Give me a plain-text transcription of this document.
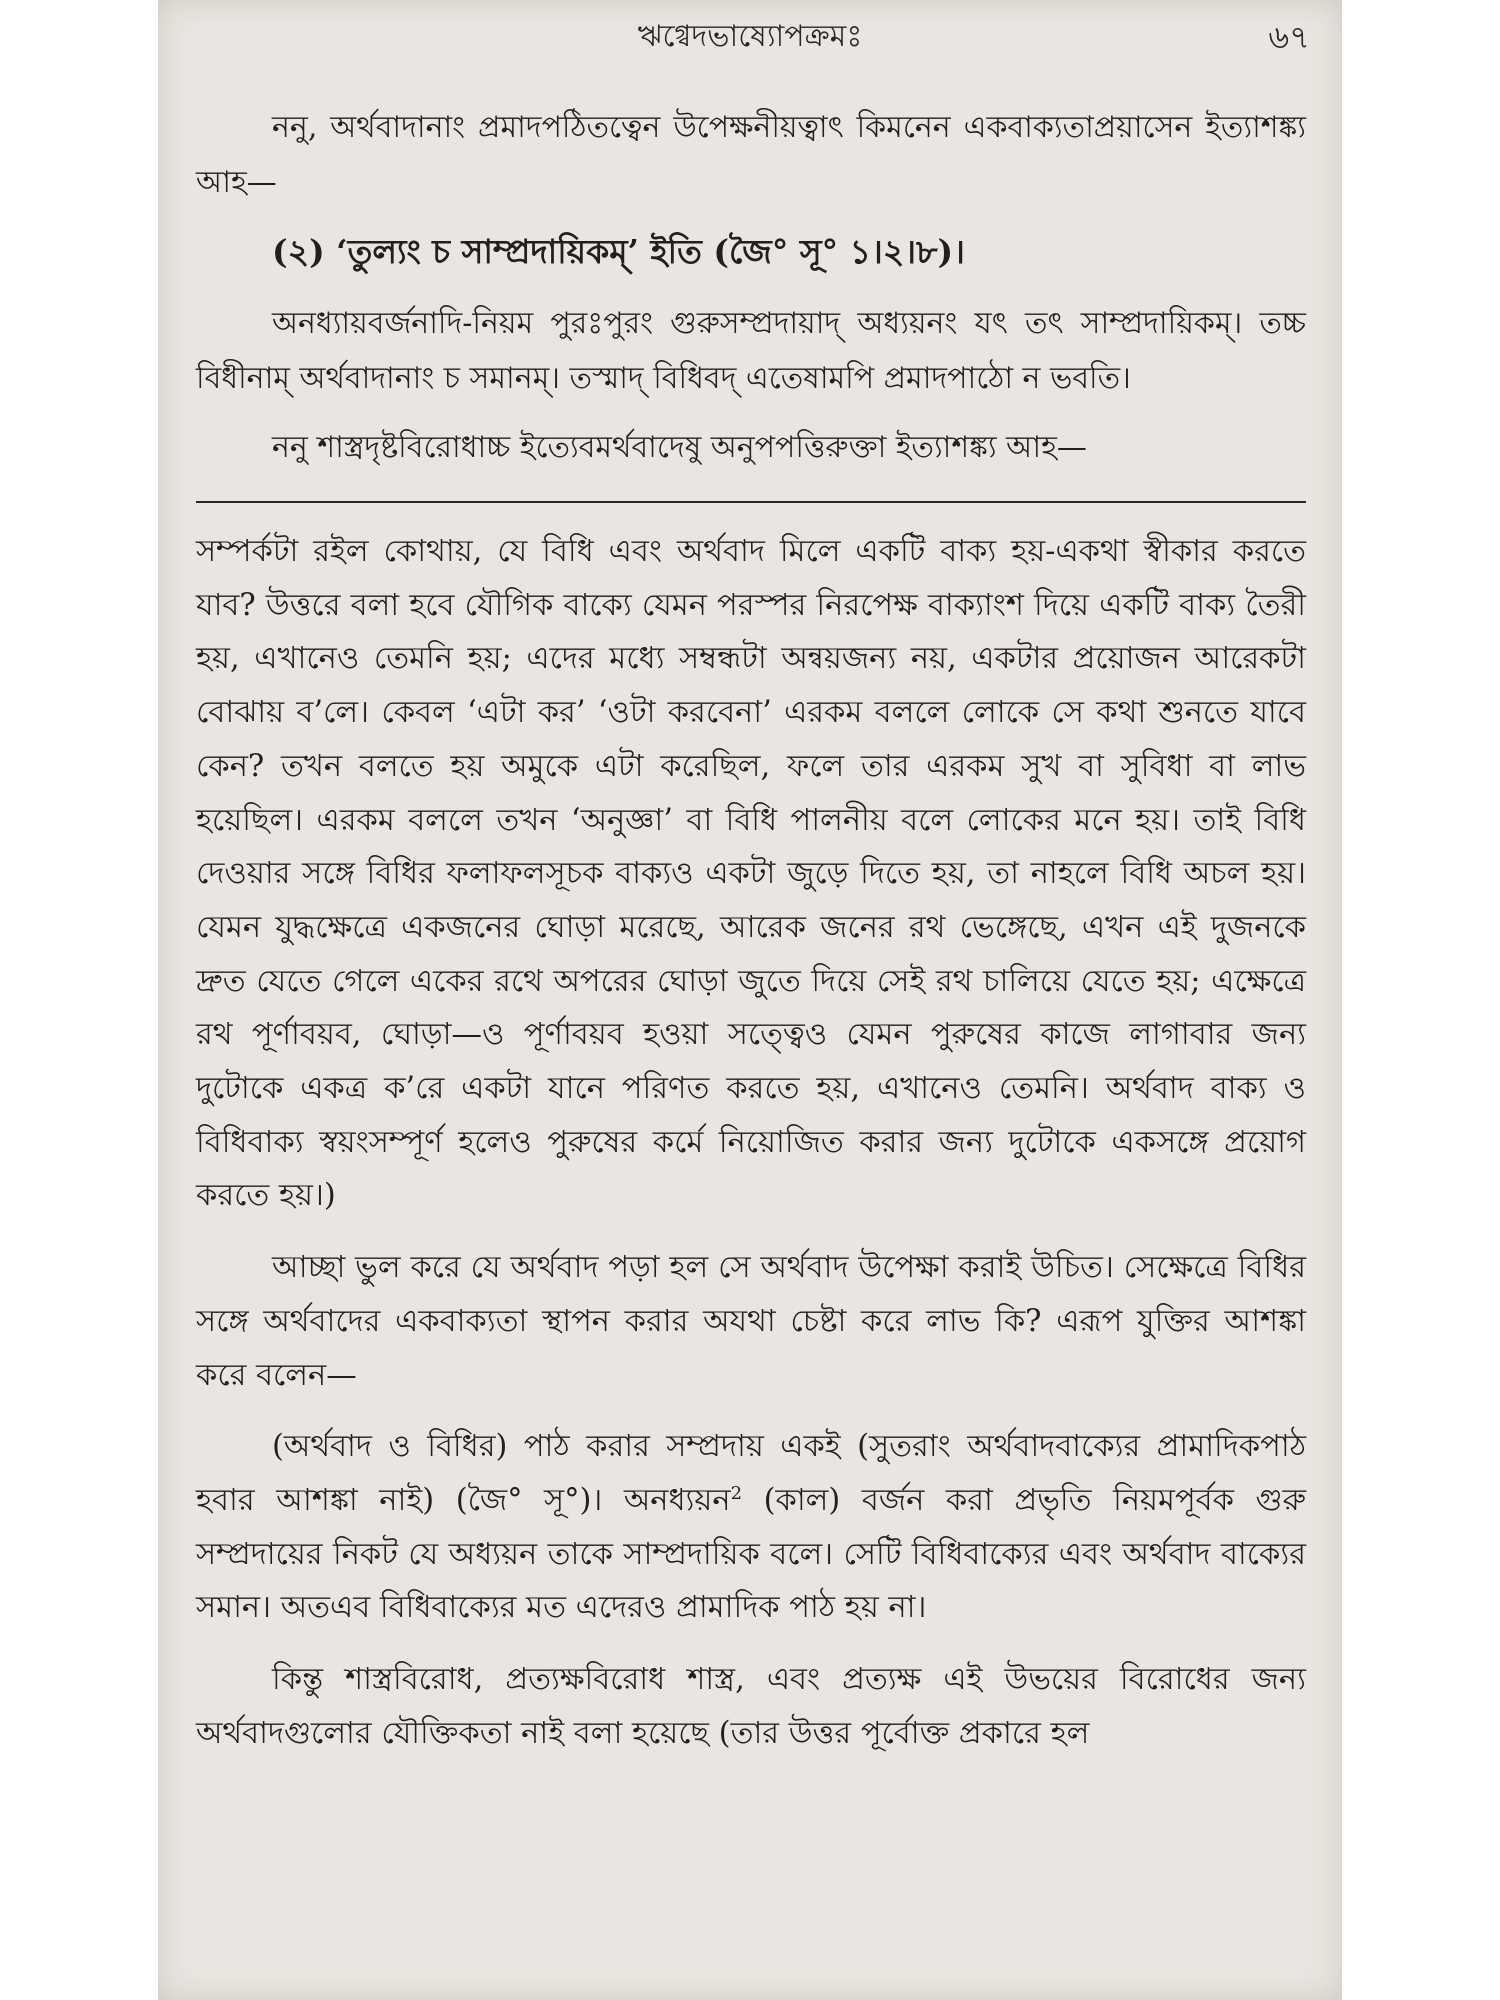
ঋগ্বেদভাষ্যোপক্রমঃ	৬৭

ননু, অর্থবাদানাং প্রমাদপঠিতত্বেন উপেক্ষনীয়ত্বাৎ কিমনেন একবাক্যতাপ্রয়াসেন ইত্যাশঙ্ক্য আহ—

(২) ‘তুল্যং চ সাম্প্রদায়িকম্’ ইতি (জৈ° সূ° ১।২।৮)।

অনধ্যায়বর্জনাদি-নিয়ম পুরঃপুরং গুরুসম্প্রদায়াদ্ অধ্যয়নং যৎ তৎ সাম্প্রদায়িকম্। তচ্চ বিধীনাম্ অর্থবাদানাং চ সমানম্। তস্মাদ্ বিধিবদ্ এতেষামপি প্রমাদপাঠো ন ভবতি।

ননু শাস্ত্রদৃষ্টবিরোধাচ্চ ইত্যেবমর্থবাদেষু অনুপপত্তিরুক্তা ইত্যাশঙ্ক্য আহ—

সম্পর্কটা রইল কোথায়, যে বিধি এবং অর্থবাদ মিলে একটি বাক্য হয়-একথা স্বীকার করতে যাব? উত্তরে বলা হবে যৌগিক বাক্যে যেমন পরস্পর নিরপেক্ষ বাক্যাংশ দিয়ে একটি বাক্য তৈরী হয়, এখানেও তেমনি হয়; এদের মধ্যে সম্বন্ধটা অন্বয়জন্য নয়, একটার প্রয়োজন আরেকটা বোঝায় ব’লে। কেবল ‘এটা কর’ ‘ওটা করবেনা’ এরকম বললে লোকে সে কথা শুনতে যাবে কেন? তখন বলতে হয় অমুকে এটা করেছিল, ফলে তার এরকম সুখ বা সুবিধা বা লাভ হয়েছিল। এরকম বললে তখন ‘অনুজ্ঞা’ বা বিধি পালনীয় বলে লোকের মনে হয়। তাই বিধি দেওয়ার সঙ্গে বিধির ফলাফলসূচক বাক্যও একটা জুড়ে দিতে হয়, তা নাহলে বিধি অচল হয়। যেমন যুদ্ধক্ষেত্রে একজনের ঘোড়া মরেছে, আরেক জনের রথ ভেঙ্গেছে, এখন এই দুজনকে দ্রুত যেতে গেলে একের রথে অপরের ঘোড়া জুতে দিয়ে সেই রথ চালিয়ে যেতে হয়; এক্ষেত্রে রথ পূর্ণাবয়ব, ঘোড়া—ও পূর্ণাবয়ব হওয়া সত্ত্বেও যেমন পুরুষের কাজে লাগাবার জন্য দুটোকে একত্র ক’রে একটা যানে পরিণত করতে হয়, এখানেও তেমনি। অর্থবাদ বাক্য ও বিধিবাক্য স্বয়ংসম্পূর্ণ হলেও পুরুষের কর্মে নিয়োজিত করার জন্য দুটোকে একসঙ্গে প্রয়োগ করতে হয়।)

আচ্ছা ভুল করে যে অর্থবাদ পড়া হল সে অর্থবাদ উপেক্ষা করাই উচিত। সেক্ষেত্রে বিধির সঙ্গে অর্থবাদের একবাক্যতা স্থাপন করার অযথা চেষ্টা করে লাভ কি? এরূপ যুক্তির আশঙ্কা করে বলেন—

(অর্থবাদ ও বিধির) পাঠ করার সম্প্রদায় একই (সুতরাং অর্থবাদবাক্যের প্রামাদিকপাঠ হবার আশঙ্কা নাই) (জৈ° সূ°)। অনধ্যয়ন$^2$ (কাল) বর্জন করা প্রভৃতি নিয়মপূর্বক গুরু সম্প্রদায়ের নিকট যে অধ্যয়ন তাকে সাম্প্রদায়িক বলে। সেটি বিধিবাক্যের এবং অর্থবাদ বাক্যের সমান। অতএব বিধিবাক্যের মত এদেরও প্রামাদিক পাঠ হয় না।

কিন্তু শাস্ত্রবিরোধ, প্রত্যক্ষবিরোধ শাস্ত্র, এবং প্রত্যক্ষ এই উভয়ের বিরোধের জন্য অর্থবাদগুলোর যৌক্তিকতা নাই বলা হয়েছে (তার উত্তর পূর্বোক্ত প্রকারে হল
